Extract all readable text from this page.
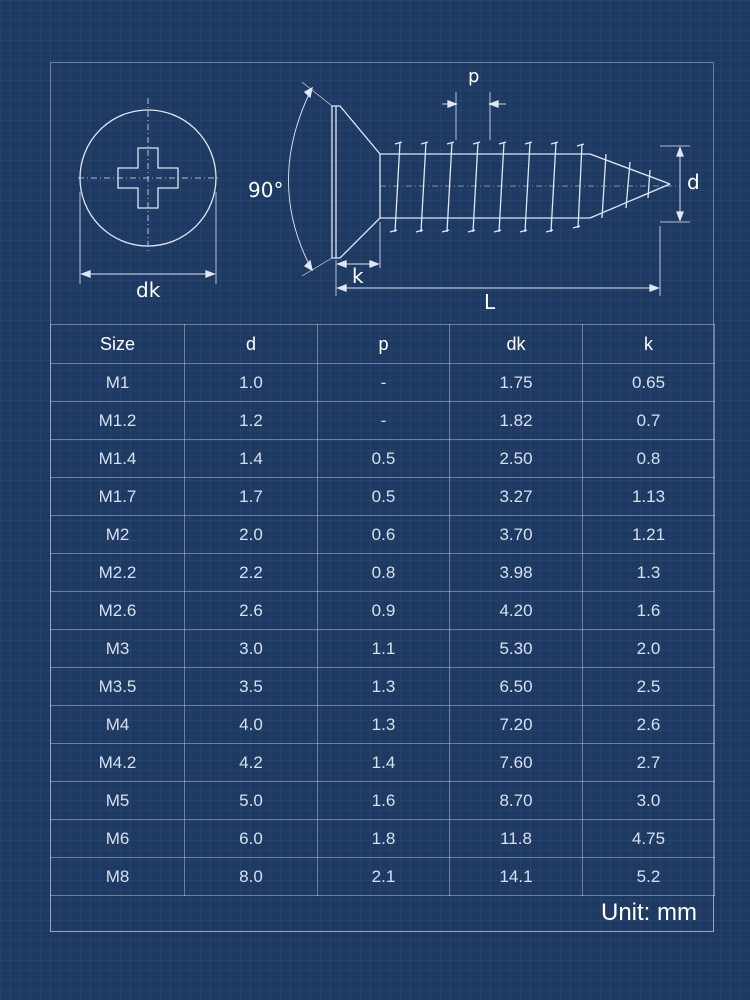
dk
90°
p
d
k
L
Size	d	p	dk	k
M1	1.0	-	1.75	0.65
M1.2	1.2	-	1.82	0.7
M1.4	1.4	0.5	2.50	0.8
M1.7	1.7	0.5	3.27	1.13
M2	2.0	0.6	3.70	1.21
M2.2	2.2	0.8	3.98	1.3
M2.6	2.6	0.9	4.20	1.6
M3	3.0	1.1	5.30	2.0
M3.5	3.5	1.3	6.50	2.5
M4	4.0	1.3	7.20	2.6
M4.2	4.2	1.4	7.60	2.7
M5	5.0	1.6	8.70	3.0
M6	6.0	1.8	11.8	4.75
M8	8.0	2.1	14.1	5.2
Unit: mm
